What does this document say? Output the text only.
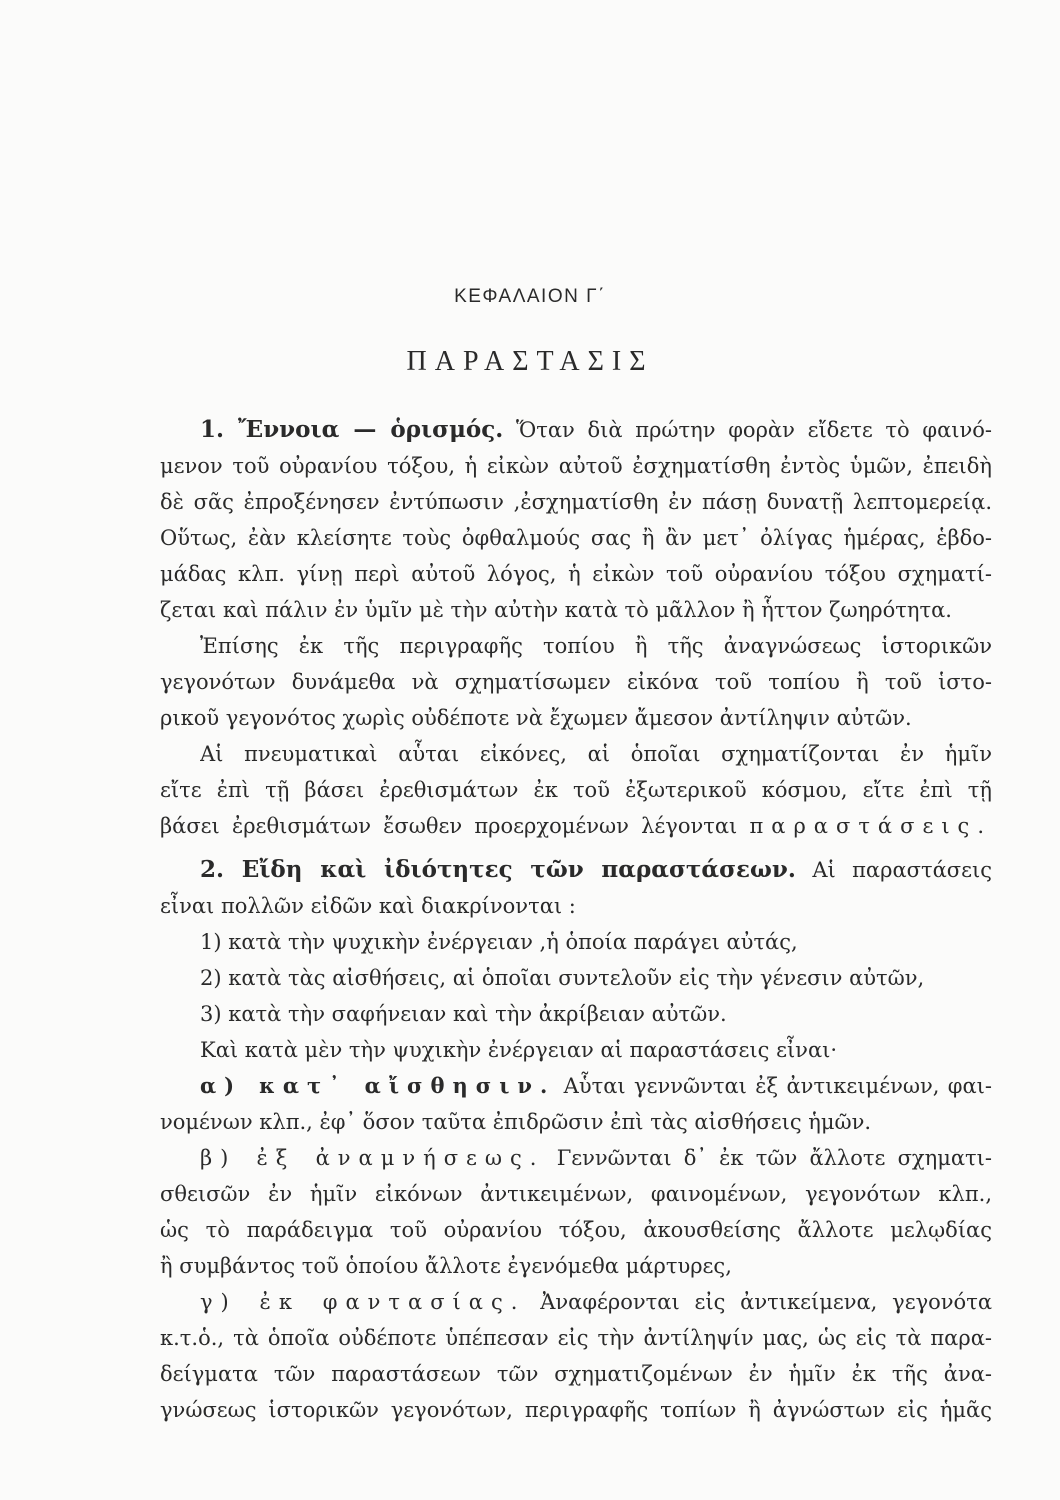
ΚΕΦΑΛΑΙΟΝ Γ΄
ΠΑΡΑΣΤΑΣΙΣ
1. Ἔννοια — ὁρισμός. Ὅταν διὰ πρώτην φορὰν εἴδετε τὸ φαινό-
μενον τοῦ οὐρανίου τόξου, ἡ εἰκὼν αὐτοῦ ἐσχηματίσθη ἐντὸς ὑμῶν, ἐπειδὴ
δὲ σᾶς ἐπροξένησεν ἐντύπωσιν ,ἐσχηματίσθη ἐν πάσῃ δυνατῇ λεπτομερείᾳ.
Οὕτως, ἐὰν κλείσητε τοὺς ὀφθαλμούς σας ἢ ἂν μετ᾽ ὀλίγας ἡμέρας, ἑβδο-
μάδας κλπ. γίνῃ περὶ αὐτοῦ λόγος, ἡ εἰκὼν τοῦ οὐρανίου τόξου σχηματί-
ζεται καὶ πάλιν ἐν ὑμῖν μὲ τὴν αὐτὴν κατὰ τὸ μᾶλλον ἢ ἧττον ζωηρότητα.
Ἐπίσης ἐκ τῆς περιγραφῆς τοπίου ἢ τῆς ἀναγνώσεως ἱστορικῶν
γεγονότων δυνάμεθα νὰ σχηματίσωμεν εἰκόνα τοῦ τοπίου ἢ τοῦ ἱστο-
ρικοῦ γεγονότος χωρὶς οὐδέποτε νὰ ἔχωμεν ἄμεσον ἀντίληψιν αὐτῶν.
Αἱ πνευματικαὶ αὗται εἰκόνες, αἱ ὁποῖαι σχηματίζονται ἐν ἡμῖν
εἴτε ἐπὶ τῇ βάσει ἐρεθισμάτων ἐκ τοῦ ἐξωτερικοῦ κόσμου, εἴτε ἐπὶ τῇ
βάσει ἐρεθισμάτων ἔσωθεν προερχομένων λέγονται παραστάσεις.
2. Εἴδη καὶ ἰδιότητες τῶν παραστάσεων. Αἱ παραστάσεις
εἶναι πολλῶν εἰδῶν καὶ διακρίνονται :
1) κατὰ τὴν ψυχικὴν ἐνέργειαν ,ἡ ὁποία παράγει αὐτάς,
2) κατὰ τὰς αἰσθήσεις, αἱ ὁποῖαι συντελοῦν εἰς τὴν γένεσιν αὐτῶν,
3) κατὰ τὴν σαφήνειαν καὶ τὴν ἀκρίβειαν αὐτῶν.
Καὶ κατὰ μὲν τὴν ψυχικὴν ἐνέργειαν αἱ παραστάσεις εἶναι·
α) κατ᾽ αἴσθησιν. Αὗται γεννῶνται ἐξ ἀντικειμένων, φαι-
νομένων κλπ., ἐφ᾽ ὅσον ταῦτα ἐπιδρῶσιν ἐπὶ τὰς αἰσθήσεις ἡμῶν.
β) ἐξ ἀναμνήσεως. Γεννῶνται δ᾽ ἐκ τῶν ἄλλοτε σχηματι-
σθεισῶν ἐν ἡμῖν εἰκόνων ἀντικειμένων, φαινομένων, γεγονότων κλπ.,
ὡς τὸ παράδειγμα τοῦ οὐρανίου τόξου, ἀκουσθείσης ἄλλοτε μελῳδίας
ἢ συμβάντος τοῦ ὁποίου ἄλλοτε ἐγενόμεθα μάρτυρες,
γ) ἐκ φαντασίας. Ἀναφέρονται εἰς ἀντικείμενα, γεγονότα
κ.τ.ὁ., τὰ ὁποῖα οὐδέποτε ὑπέπεσαν εἰς τὴν ἀντίληψίν μας, ὡς εἰς τὰ παρα-
δείγματα τῶν παραστάσεων τῶν σχηματιζομένων ἐν ἡμῖν ἐκ τῆς ἀνα-
γνώσεως ἱστορικῶν γεγονότων, περιγραφῆς τοπίων ἢ ἀγνώστων εἰς ἡμᾶς
